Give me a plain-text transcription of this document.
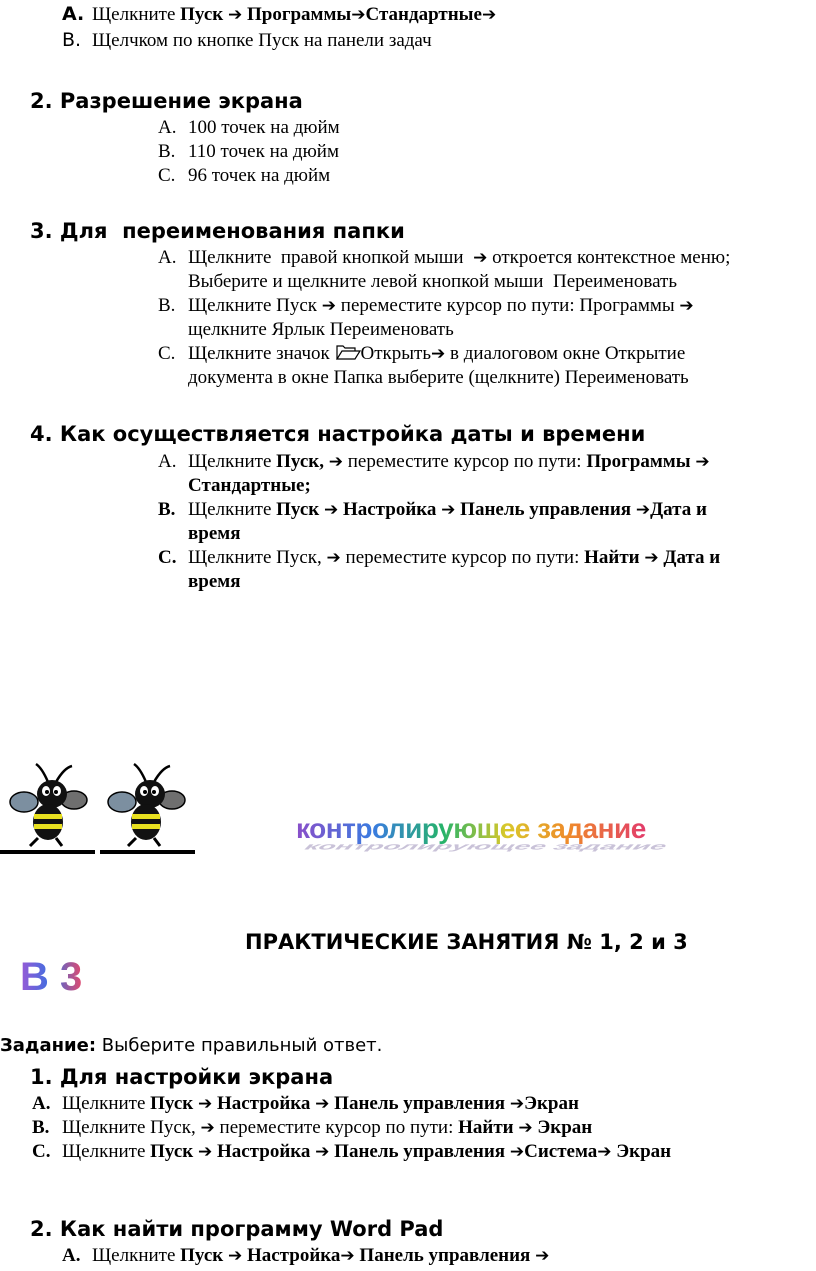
A. Щелкните Пуск ➔ Программы➔Стандартные➔
B. Щелчком по кнопке Пуск на панели задач
2. Разрешение экрана
A. 100 точек на дюйм
B. 110 точек на дюйм
C. 96 точек на дюйм
3. Для  переименования папки
A. Щелкните  правой кнопкой мыши  ➔ откроется контекстное меню;
Выберите и щелкните левой кнопкой мыши  Переименовать
B. Щелкните Пуск ➔ переместите курсор по пути: Программы ➔
щелкните Ярлык Переименовать
C. Щелкните значок Открыть➔ в диалоговом окне Открытие
документа в окне Папка выберите (щелкните) Переименовать
4. Как осуществляется настройка даты и времени
A. Щелкните Пуск, ➔ переместите курсор по пути: Программы ➔
Стандартные;
B. Щелкните Пуск ➔ Настройка ➔ Панель управления ➔Дата и
время
C. Щелкните Пуск, ➔ переместите курсор по пути: Найти ➔ Дата и
время
контролирующее задание
контролирующее задание
ПРАКТИЧЕСКИЕ ЗАНЯТИЯ № 1, 2 и 3
В 3
Задание: Выберите правильный ответ.
1. Для настройки экрана
A. Щелкните Пуск ➔ Настройка ➔ Панель управления ➔Экран
B. Щелкните Пуск, ➔ переместите курсор по пути: Найти ➔ Экран
C. Щелкните Пуск ➔ Настройка ➔ Панель управления ➔Система➔ Экран
2. Как найти программу Word Pad
A. Щелкните Пуск ➔ Настройка➔ Панель управления ➔
